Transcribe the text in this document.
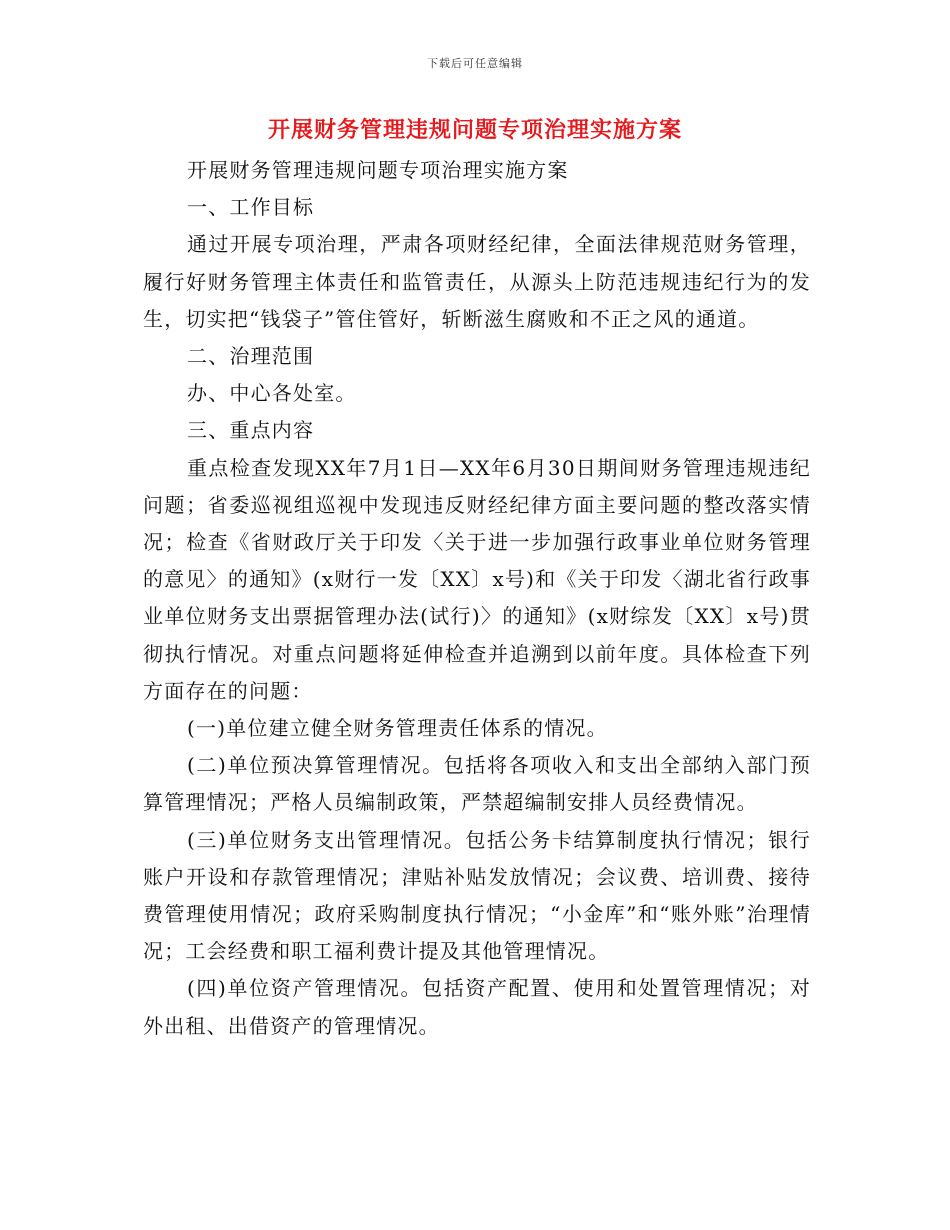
下载后可任意编辑
开展财务管理违规问题专项治理实施方案

开展财务管理违规问题专项治理实施方案

一、工作目标

通过开展专项治理，严肃各项财经纪律，全面法律规范财务管理，履行好财务管理主体责任和监管责任，从源头上防范违规违纪行为的发生，切实把“钱袋子”管住管好，斩断滋生腐败和不正之风的通道。

二、治理范围

办、中心各处室。

三、重点内容

重点检查发现XX年7月1日—XX年6月30日期间财务管理违规违纪问题；省委巡视组巡视中发现违反财经纪律方面主要问题的整改落实情况；检查《省财政厅关于印发〈关于进一步加强行政事业单位财务管理的意见〉的通知》(x财行一发〔XX〕x号)和《关于印发〈湖北省行政事业单位财务支出票据管理办法(试行)〉的通知》(x财综发〔XX〕x号)贯彻执行情况。对重点问题将延伸检查并追溯到以前年度。具体检查下列方面存在的问题：

(一)单位建立健全财务管理责任体系的情况。

(二)单位预决算管理情况。包括将各项收入和支出全部纳入部门预算管理情况；严格人员编制政策，严禁超编制安排人员经费情况。

(三)单位财务支出管理情况。包括公务卡结算制度执行情况；银行账户开设和存款管理情况；津贴补贴发放情况；会议费、培训费、接待费管理使用情况；政府采购制度执行情况；“小金库”和“账外账”治理情况；工会经费和职工福利费计提及其他管理情况。

(四)单位资产管理情况。包括资产配置、使用和处置管理情况；对外出租、出借资产的管理情况。
